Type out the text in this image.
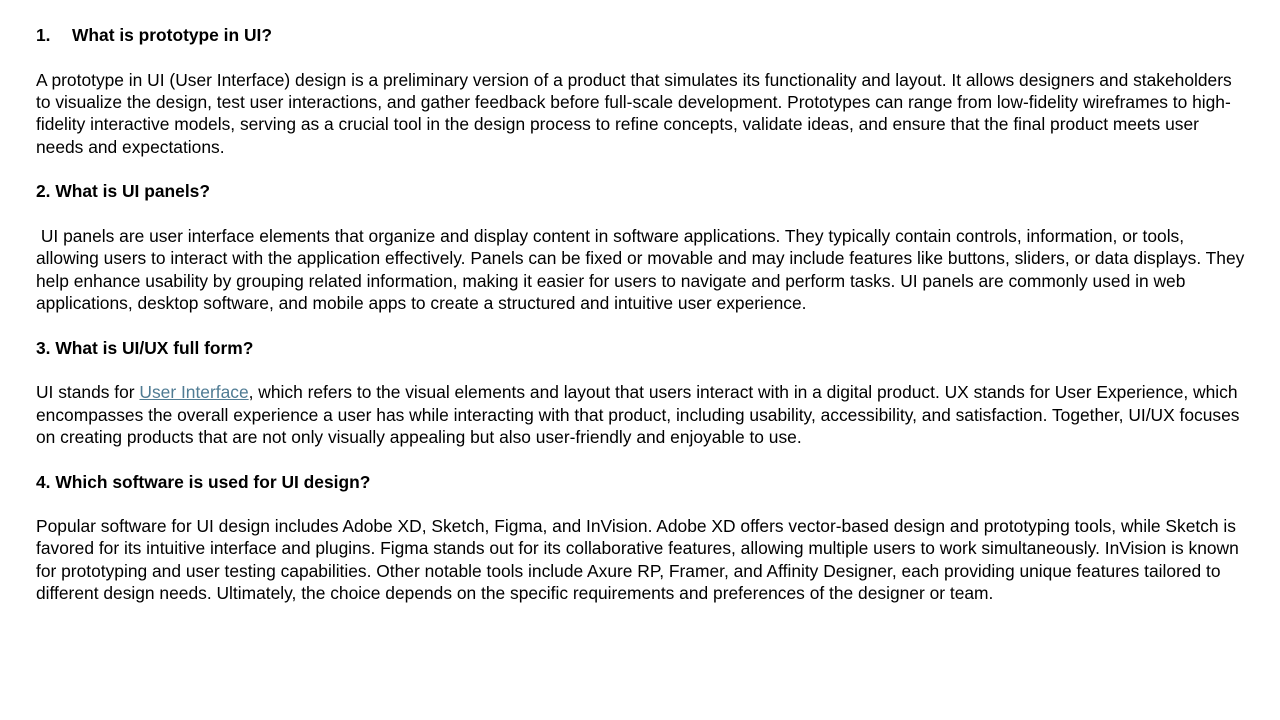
1. What is prototype in UI?

A prototype in UI (User Interface) design is a preliminary version of a product that simulates its functionality and layout. It allows designers and stakeholders to visualize the design, test user interactions, and gather feedback before full-scale development. Prototypes can range from low-fidelity wireframes to high-fidelity interactive models, serving as a crucial tool in the design process to refine concepts, validate ideas, and ensure that the final product meets user needs and expectations.

2. What is UI panels?

UI panels are user interface elements that organize and display content in software applications. They typically contain controls, information, or tools, allowing users to interact with the application effectively. Panels can be fixed or movable and may include features like buttons, sliders, or data displays. They help enhance usability by grouping related information, making it easier for users to navigate and perform tasks. UI panels are commonly used in web applications, desktop software, and mobile apps to create a structured and intuitive user experience.

3. What is UI/UX full form?

UI stands for User Interface, which refers to the visual elements and layout that users interact with in a digital product. UX stands for User Experience, which encompasses the overall experience a user has while interacting with that product, including usability, accessibility, and satisfaction. Together, UI/UX focuses on creating products that are not only visually appealing but also user-friendly and enjoyable to use.

4. Which software is used for UI design?

Popular software for UI design includes Adobe XD, Sketch, Figma, and InVision. Adobe XD offers vector-based design and prototyping tools, while Sketch is favored for its intuitive interface and plugins. Figma stands out for its collaborative features, allowing multiple users to work simultaneously. InVision is known for prototyping and user testing capabilities. Other notable tools include Axure RP, Framer, and Affinity Designer, each providing unique features tailored to different design needs. Ultimately, the choice depends on the specific requirements and preferences of the designer or team.
